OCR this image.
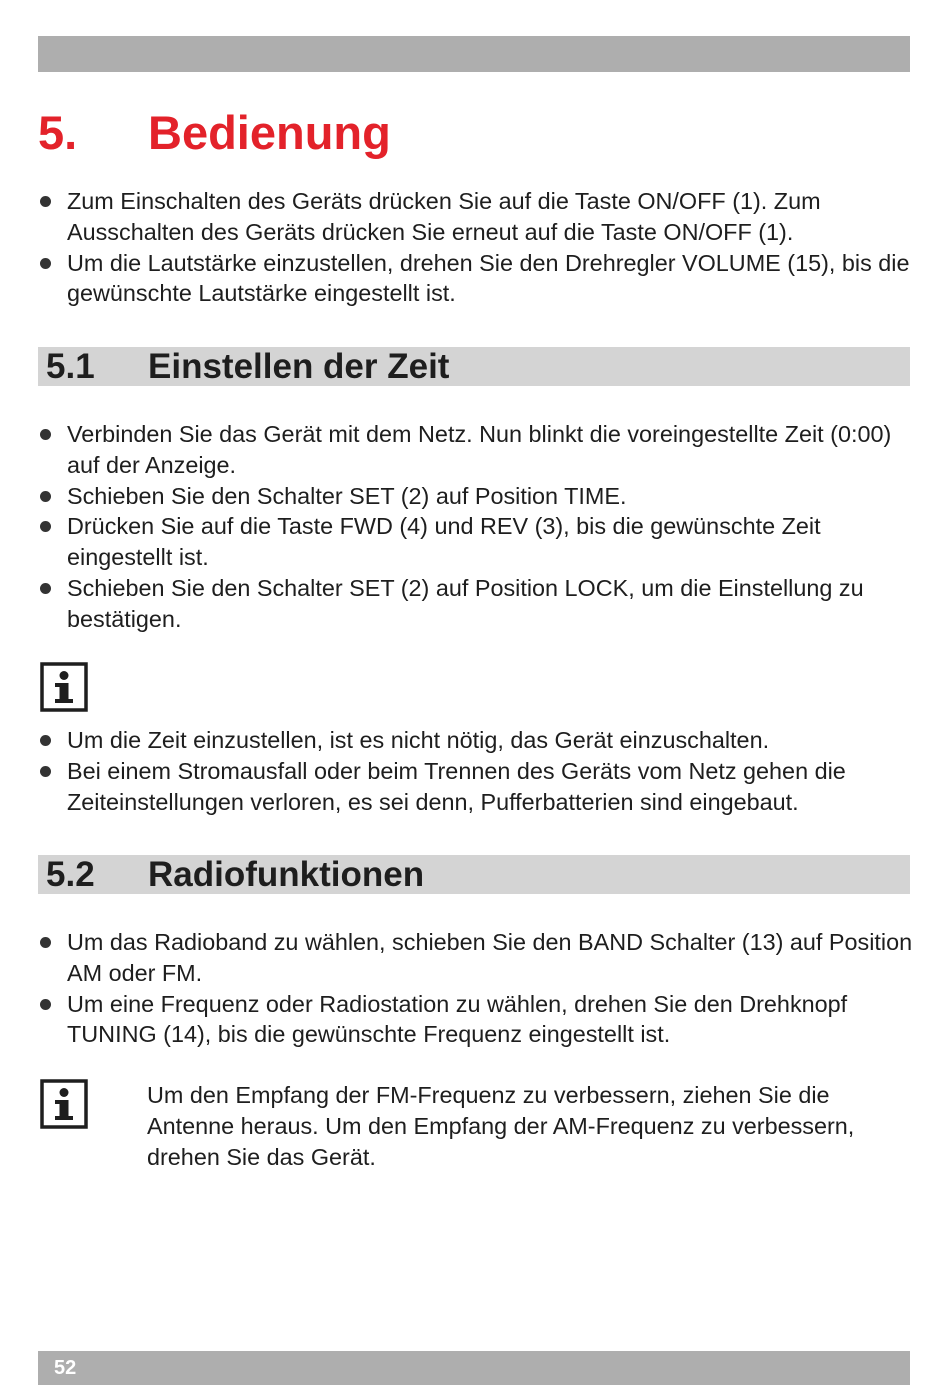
5. Bedienung
Zum Einschalten des Geräts drücken Sie auf die Taste ON/OFF (1). Zum Ausschalten des Geräts drücken Sie erneut auf die Taste ON/OFF (1).
Um die Lautstärke einzustellen, drehen Sie den Drehregler VOLUME (15), bis die gewünschte Lautstärke eingestellt ist.
5.1 Einstellen der Zeit
Verbinden Sie das Gerät mit dem Netz. Nun blinkt die voreingestellte Zeit (0:00) auf der Anzeige.
Schieben Sie den Schalter SET (2) auf Position TIME.
Drücken Sie auf die Taste FWD (4) und REV (3), bis die gewünschte Zeit eingestellt ist.
Schieben Sie den Schalter SET (2) auf Position LOCK, um die Einstellung zu bestätigen.
Um die Zeit einzustellen, ist es nicht nötig, das Gerät einzuschalten.
Bei einem Stromausfall oder beim Trennen des Geräts vom Netz gehen die Zeiteinstellungen verloren, es sei denn, Pufferbatterien sind eingebaut.
5.2 Radiofunktionen
Um das Radioband zu wählen, schieben Sie den BAND Schalter (13) auf Position AM oder FM.
Um eine Frequenz oder Radiostation zu wählen, drehen Sie den Drehknopf TUNING (14), bis die gewünschte Frequenz eingestellt ist.

Um den Empfang der FM-Frequenz zu verbessern, ziehen Sie die Antenne heraus. Um den Empfang der AM-Frequenz zu verbessern, drehen Sie das Gerät.

52
